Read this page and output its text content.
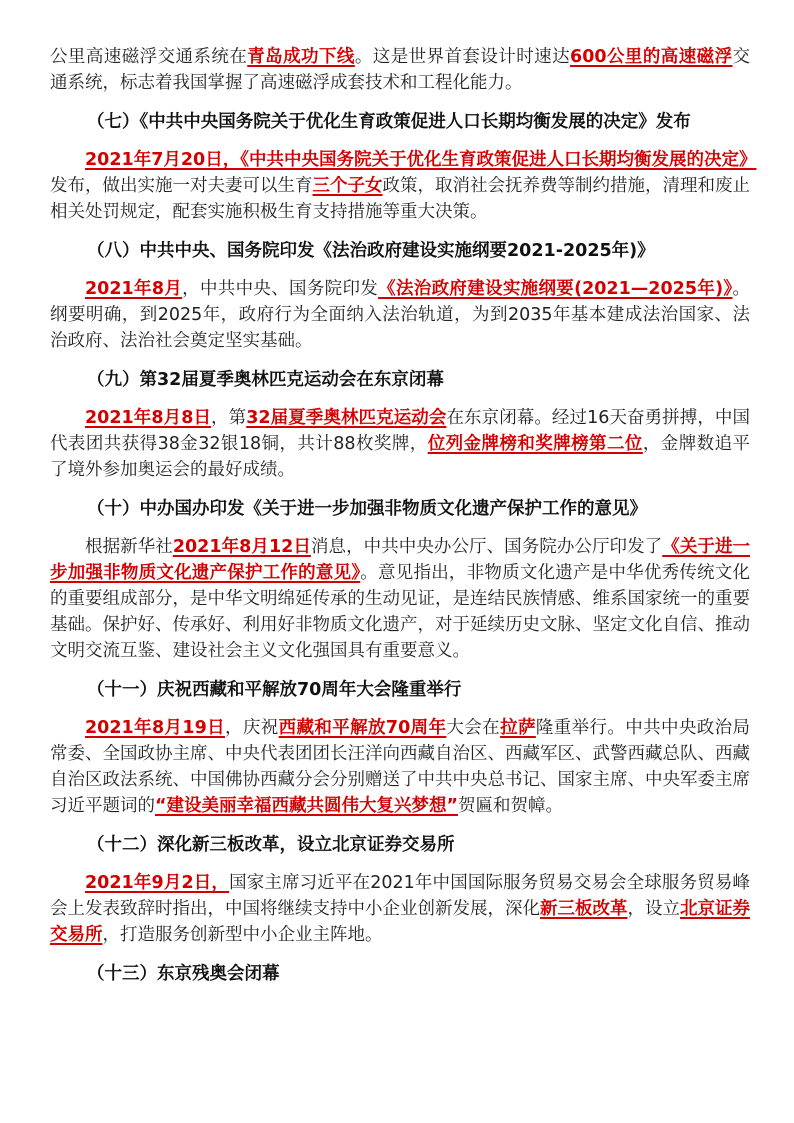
公里高速磁浮交通系统在青岛成功下线。这是世界首套设计时速达600公里的高速磁浮交通系统，标志着我国掌握了高速磁浮成套技术和工程化能力。

（七）《中共中央国务院关于优化生育政策促进人口长期均衡发展的决定》发布

2021年7月20日，《中共中央国务院关于优化生育政策促进人口长期均衡发展的决定》发布，做出实施一对夫妻可以生育三个子女政策，取消社会抚养费等制约措施，清理和废止相关处罚规定，配套实施积极生育支持措施等重大决策。

（八）中共中央、国务院印发《法治政府建设实施纲要2021-2025年)》

2021年8月，中共中央、国务院印发《法治政府建设实施纲要(2021—2025年)》。纲要明确，到2025年，政府行为全面纳入法治轨道，为到2035年基本建成法治国家、法治政府、法治社会奠定坚实基础。

（九）第32届夏季奥林匹克运动会在东京闭幕

2021年8月8日，第32届夏季奥林匹克运动会在东京闭幕。经过16天奋勇拼搏，中国代表团共获得38金32银18铜，共计88枚奖牌，位列金牌榜和奖牌榜第二位，金牌数追平了境外参加奥运会的最好成绩。

（十）中办国办印发《关于进一步加强非物质文化遗产保护工作的意见》

根据新华社2021年8月12日消息，中共中央办公厅、国务院办公厅印发了《关于进一步加强非物质文化遗产保护工作的意见》。意见指出，非物质文化遗产是中华优秀传统文化的重要组成部分，是中华文明绵延传承的生动见证，是连结民族情感、维系国家统一的重要基础。保护好、传承好、利用好非物质文化遗产，对于延续历史文脉、坚定文化自信、推动文明交流互鉴、建设社会主义文化强国具有重要意义。

（十一）庆祝西藏和平解放70周年大会隆重举行

2021年8月19日，庆祝西藏和平解放70周年大会在拉萨隆重举行。中共中央政治局常委、全国政协主席、中央代表团团长汪洋向西藏自治区、西藏军区、武警西藏总队、西藏自治区政法系统、中国佛协西藏分会分别赠送了中共中央总书记、国家主席、中央军委主席习近平题词的“建设美丽幸福西藏共圆伟大复兴梦想”贺匾和贺幛。

（十二）深化新三板改革，设立北京证券交易所

2021年9月2日，国家主席习近平在2021年中国国际服务贸易交易会全球服务贸易峰会上发表致辞时指出，中国将继续支持中小企业创新发展，深化新三板改革，设立北京证券交易所，打造服务创新型中小企业主阵地。

（十三）东京残奥会闭幕
